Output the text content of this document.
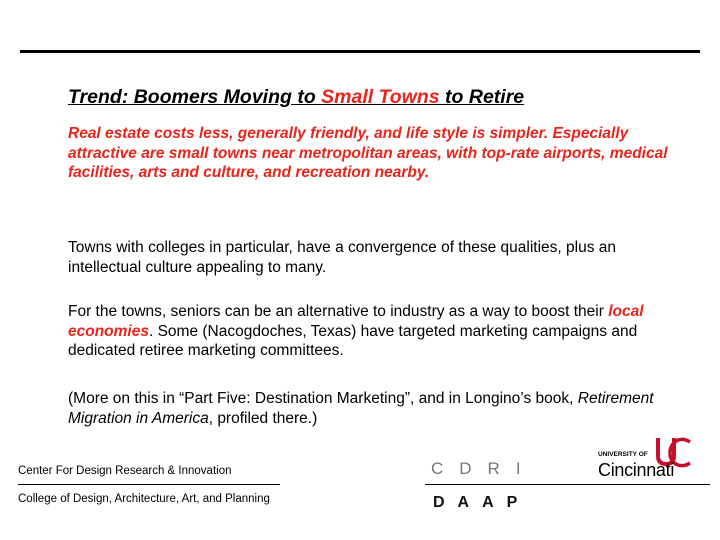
Trend: Boomers Moving to Small Towns to Retire
Real estate costs less, generally friendly, and life style is simpler. Especially attractive are small towns near metropolitan areas, with top-rate airports, medical facilities, arts and culture, and recreation nearby.
Towns with colleges in particular, have a convergence of these qualities, plus an intellectual culture appealing to many.
For the towns, seniors can be an alternative to industry as a way to boost their local economies. Some (Nacogdoches, Texas) have targeted marketing campaigns and dedicated retiree marketing committees.
(More on this in “Part Five: Destination Marketing”, and in Longino’s book, Retirement Migration in America, profiled there.)
Center For Design Research & Innovation
College of Design, Architecture, Art, and Planning
CDRI
DAAP
UNIVERSITY OF
Cincinnati
